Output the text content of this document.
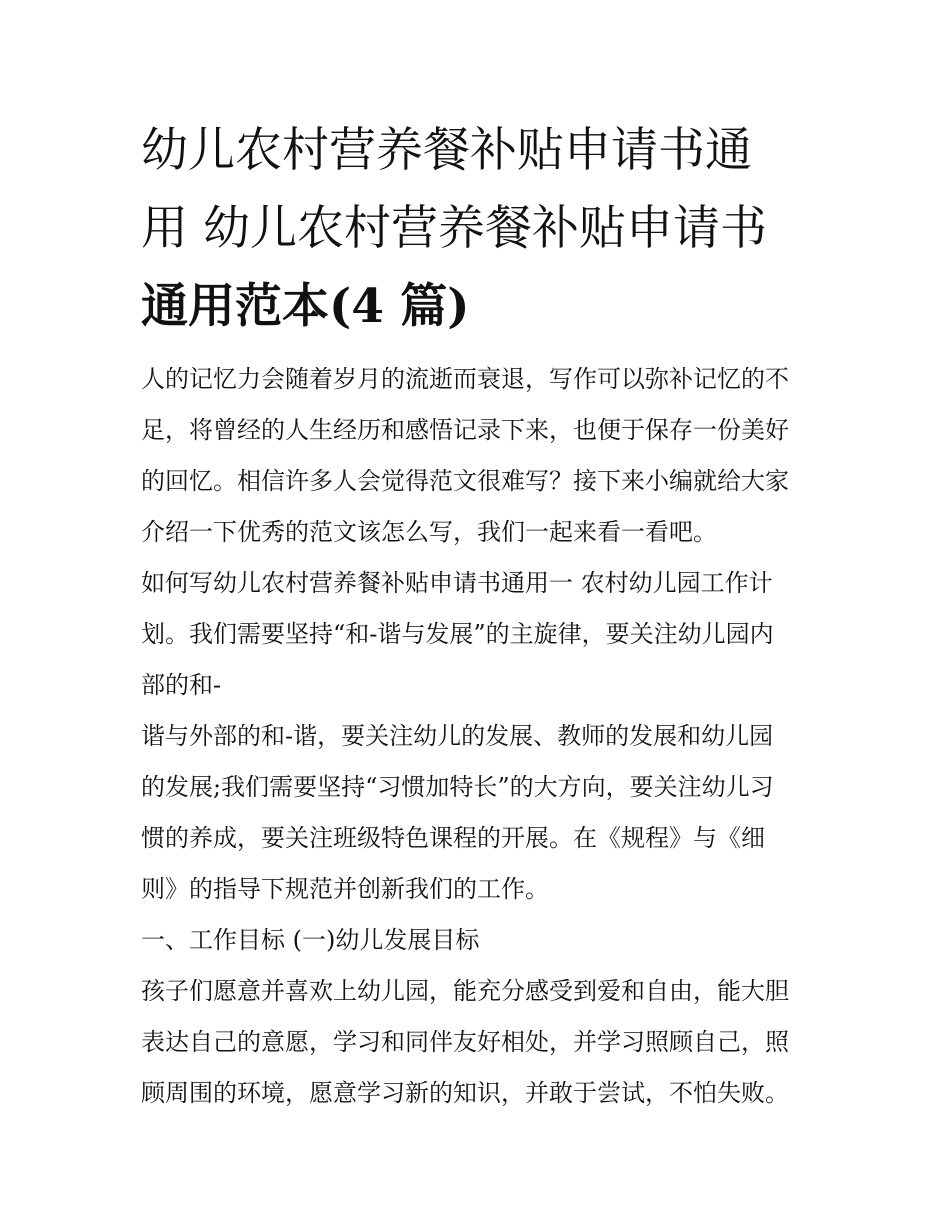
幼儿农村营养餐补贴申请书通
用 幼儿农村营养餐补贴申请书
通用范本(4 篇)
人的记忆力会随着岁月的流逝而衰退，写作可以弥补记忆的不
足，将曾经的人生经历和感悟记录下来，也便于保存一份美好
的回忆。相信许多人会觉得范文很难写？接下来小编就给大家
介绍一下优秀的范文该怎么写，我们一起来看一看吧。
如何写幼儿农村营养餐补贴申请书通用一 农村幼儿园工作计
划。我们需要坚持“和-谐与发展”的主旋律，要关注幼儿园内
部的和-
谐与外部的和-谐，要关注幼儿的发展、教师的发展和幼儿园
的发展;我们需要坚持“习惯加特长”的大方向，要关注幼儿习
惯的养成，要关注班级特色课程的开展。在《规程》与《细
则》的指导下规范并创新我们的工作。
一、工作目标 (一)幼儿发展目标
孩子们愿意并喜欢上幼儿园，能充分感受到爱和自由，能大胆
表达自己的意愿，学习和同伴友好相处，并学习照顾自己，照
顾周围的环境，愿意学习新的知识，并敢于尝试，不怕失败。
